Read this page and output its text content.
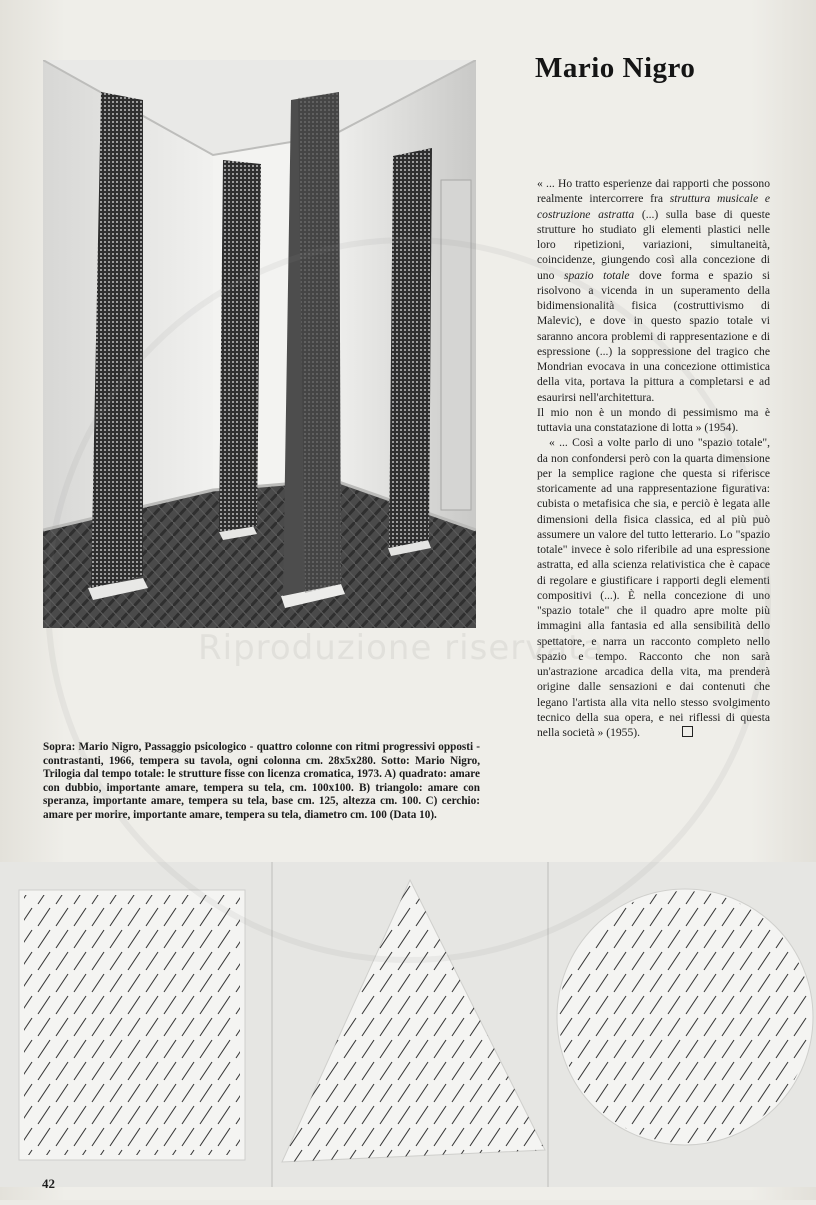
Mario Nigro

« ... Ho tratto esperienze dai rapporti che possono realmente intercorrere fra struttura musicale e costruzione astratta (...) sulla base di queste strutture ho studiato gli elementi plastici nelle loro ripetizioni, variazioni, simultaneità, coincidenze, giungendo così alla concezione di uno spazio totale dove forma e spazio si risolvono a vicenda in un superamento della bidimensionalità fisica (costruttivismo di Malevic), e dove in questo spazio totale vi saranno ancora problemi di rappresentazione e di espressione (...) la soppressione del tragico che Mondrian evocava in una concezione ottimistica della vita, portava la pittura a completarsi e ad esaurirsi nell'architettura.

Il mio non è un mondo di pessimismo ma è tuttavia una constatazione di lotta » (1954).

« ... Così a volte parlo di uno "spazio totale", da non confondersi però con la quarta dimensione per la semplice ragione che questa si riferisce storicamente ad una rappresentazione figurativa: cubista o metafisica che sia, e perciò è legata alle dimensioni della fisica classica, ed al più può assumere un valore del tutto letterario. Lo "spazio totale" invece è solo riferibile ad una espressione astratta, ed alla scienza relativistica che è capace di regolare e giustificare i rapporti degli elementi compositivi (...). È nella concezione di uno "spazio totale" che il quadro apre molte più immagini alla fantasia ed alla sensibilità dello spettatore, e narra un racconto completo nello spazio e tempo. Racconto che non sarà un'astrazione arcadica della vita, ma prenderà origine dalle sensazioni e dai contenuti che legano l'artista alla vita nello stesso svolgimento tecnico della sua opera, e nei riflessi di questa nella società » (1955).

Sopra: Mario Nigro, Passaggio psicologico - quattro colonne con ritmi progressivi opposti - contrastanti, 1966, tempera su tavola, ogni colonna cm. 28x5x280. Sotto: Mario Nigro, Trilogia dal tempo totale: le strutture fisse con licenza cromatica, 1973. A) quadrato: amare con dubbio, importante amare, tempera su tela, cm. 100x100. B) triangolo: amare con speranza, importante amare, tempera su tela, base cm. 125, altezza cm. 100. C) cerchio: amare per morire, importante amare, tempera su tela, diametro cm. 100 (Data 10).
42
